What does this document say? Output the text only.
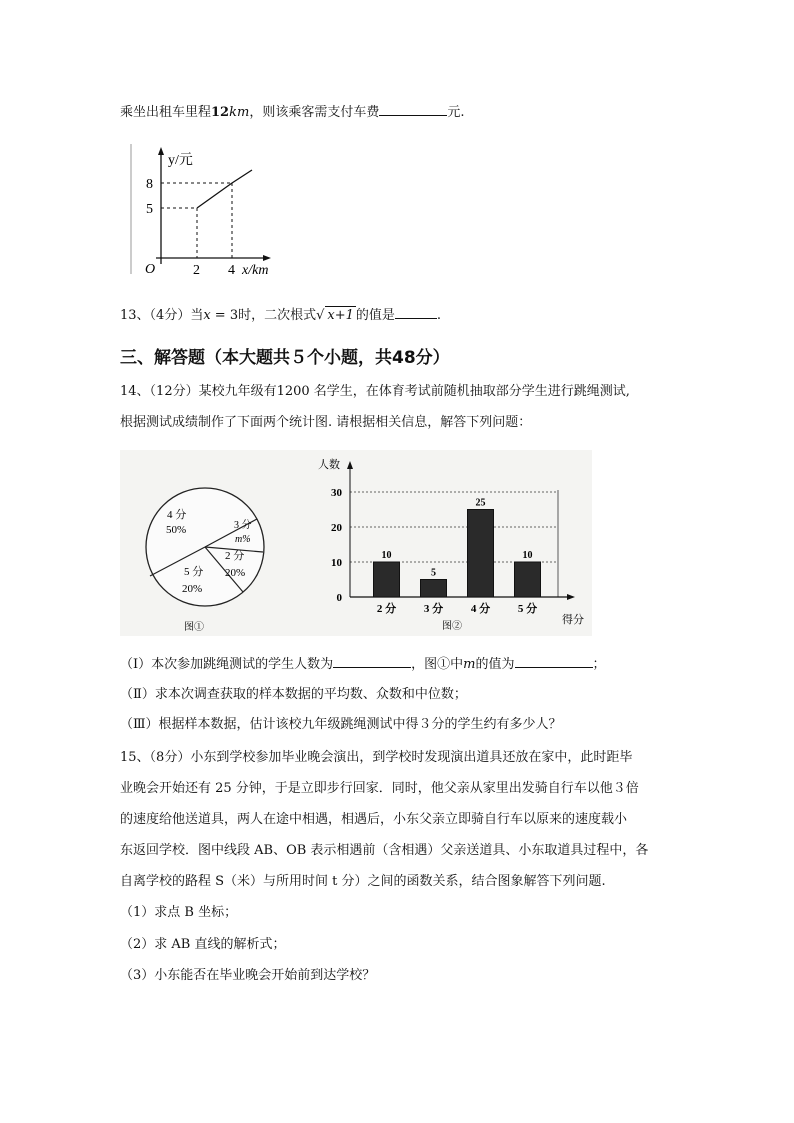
乘坐出租车里程12km，则该乘客需支付车费	元.
y/元
8
5
O	2 4 x/km
13、（4分）当x = 3时，二次根式√ x+1 的值是	.
三、解答题（本大题共５个小题，共48分）
14、（12分）某校九年级有1200 名学生，在体育考试前随机抽取部分学生进行跳绳测试,
根据测试成绩制作了下面两个统计图. 请根据相关信息，解答下列问题：
4 分
50%	3 分
m%
2 分
20%
5 分
20%
图①
0
10
20
30
人数
得分
图②
10
2 分
5
3 分
25
4 分
10
5 分
（Ⅰ）本次参加跳绳测试的学生人数为	，图①中m的值为	；
（Ⅱ）求本次调查获取的样本数据的平均数、众数和中位数；
（Ⅲ）根据样本数据，估计该校九年级跳绳测试中得３分的学生约有多少人？
15、（8分）小东到学校参加毕业晚会演出，到学校时发现演出道具还放在家中，此时距毕
业晚会开始还有 25 分钟，于是立即步行回家．同时，他父亲从家里出发骑自行车以他３倍
的速度给他送道具，两人在途中相遇，相遇后，小东父亲立即骑自行车以原来的速度载小
东返回学校．图中线段 AB、OB 表示相遇前（含相遇）父亲送道具、小东取道具过程中，各
自离学校的路程 S（米）与所用时间 t 分）之间的函数关系，结合图象解答下列问题.
（1）求点 B 坐标；
（2）求 AB 直线的解析式；
（3）小东能否在毕业晚会开始前到达学校？
